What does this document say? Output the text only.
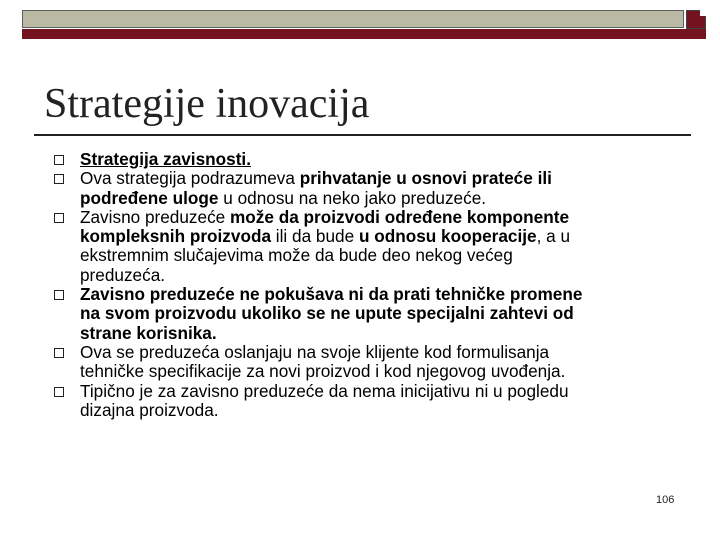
Strategije inovacija

Strategija zavisnosti.

Ova strategija podrazumeva prihvatanje u osnovi prateće ili
podređene uloge u odnosu na neko jako preduzeće.

Zavisno preduzeće može da proizvodi određene komponente
kompleksnih proizvoda ili da bude u odnosu kooperacije, a u
ekstremnim slučajevima može da bude deo nekog većeg
preduzeća.

Zavisno preduzeće ne pokušava ni da prati tehničke promene
na svom proizvodu ukoliko se ne upute specijalni zahtevi od
strane korisnika.

Ova se preduzeća oslanjaju na svoje klijente kod formulisanja
tehničke specifikacije za novi proizvod i kod njegovog uvođenja.

Tipično je za zavisno preduzeće da nema inicijativu ni u pogledu
dizajna proizvoda.

106
